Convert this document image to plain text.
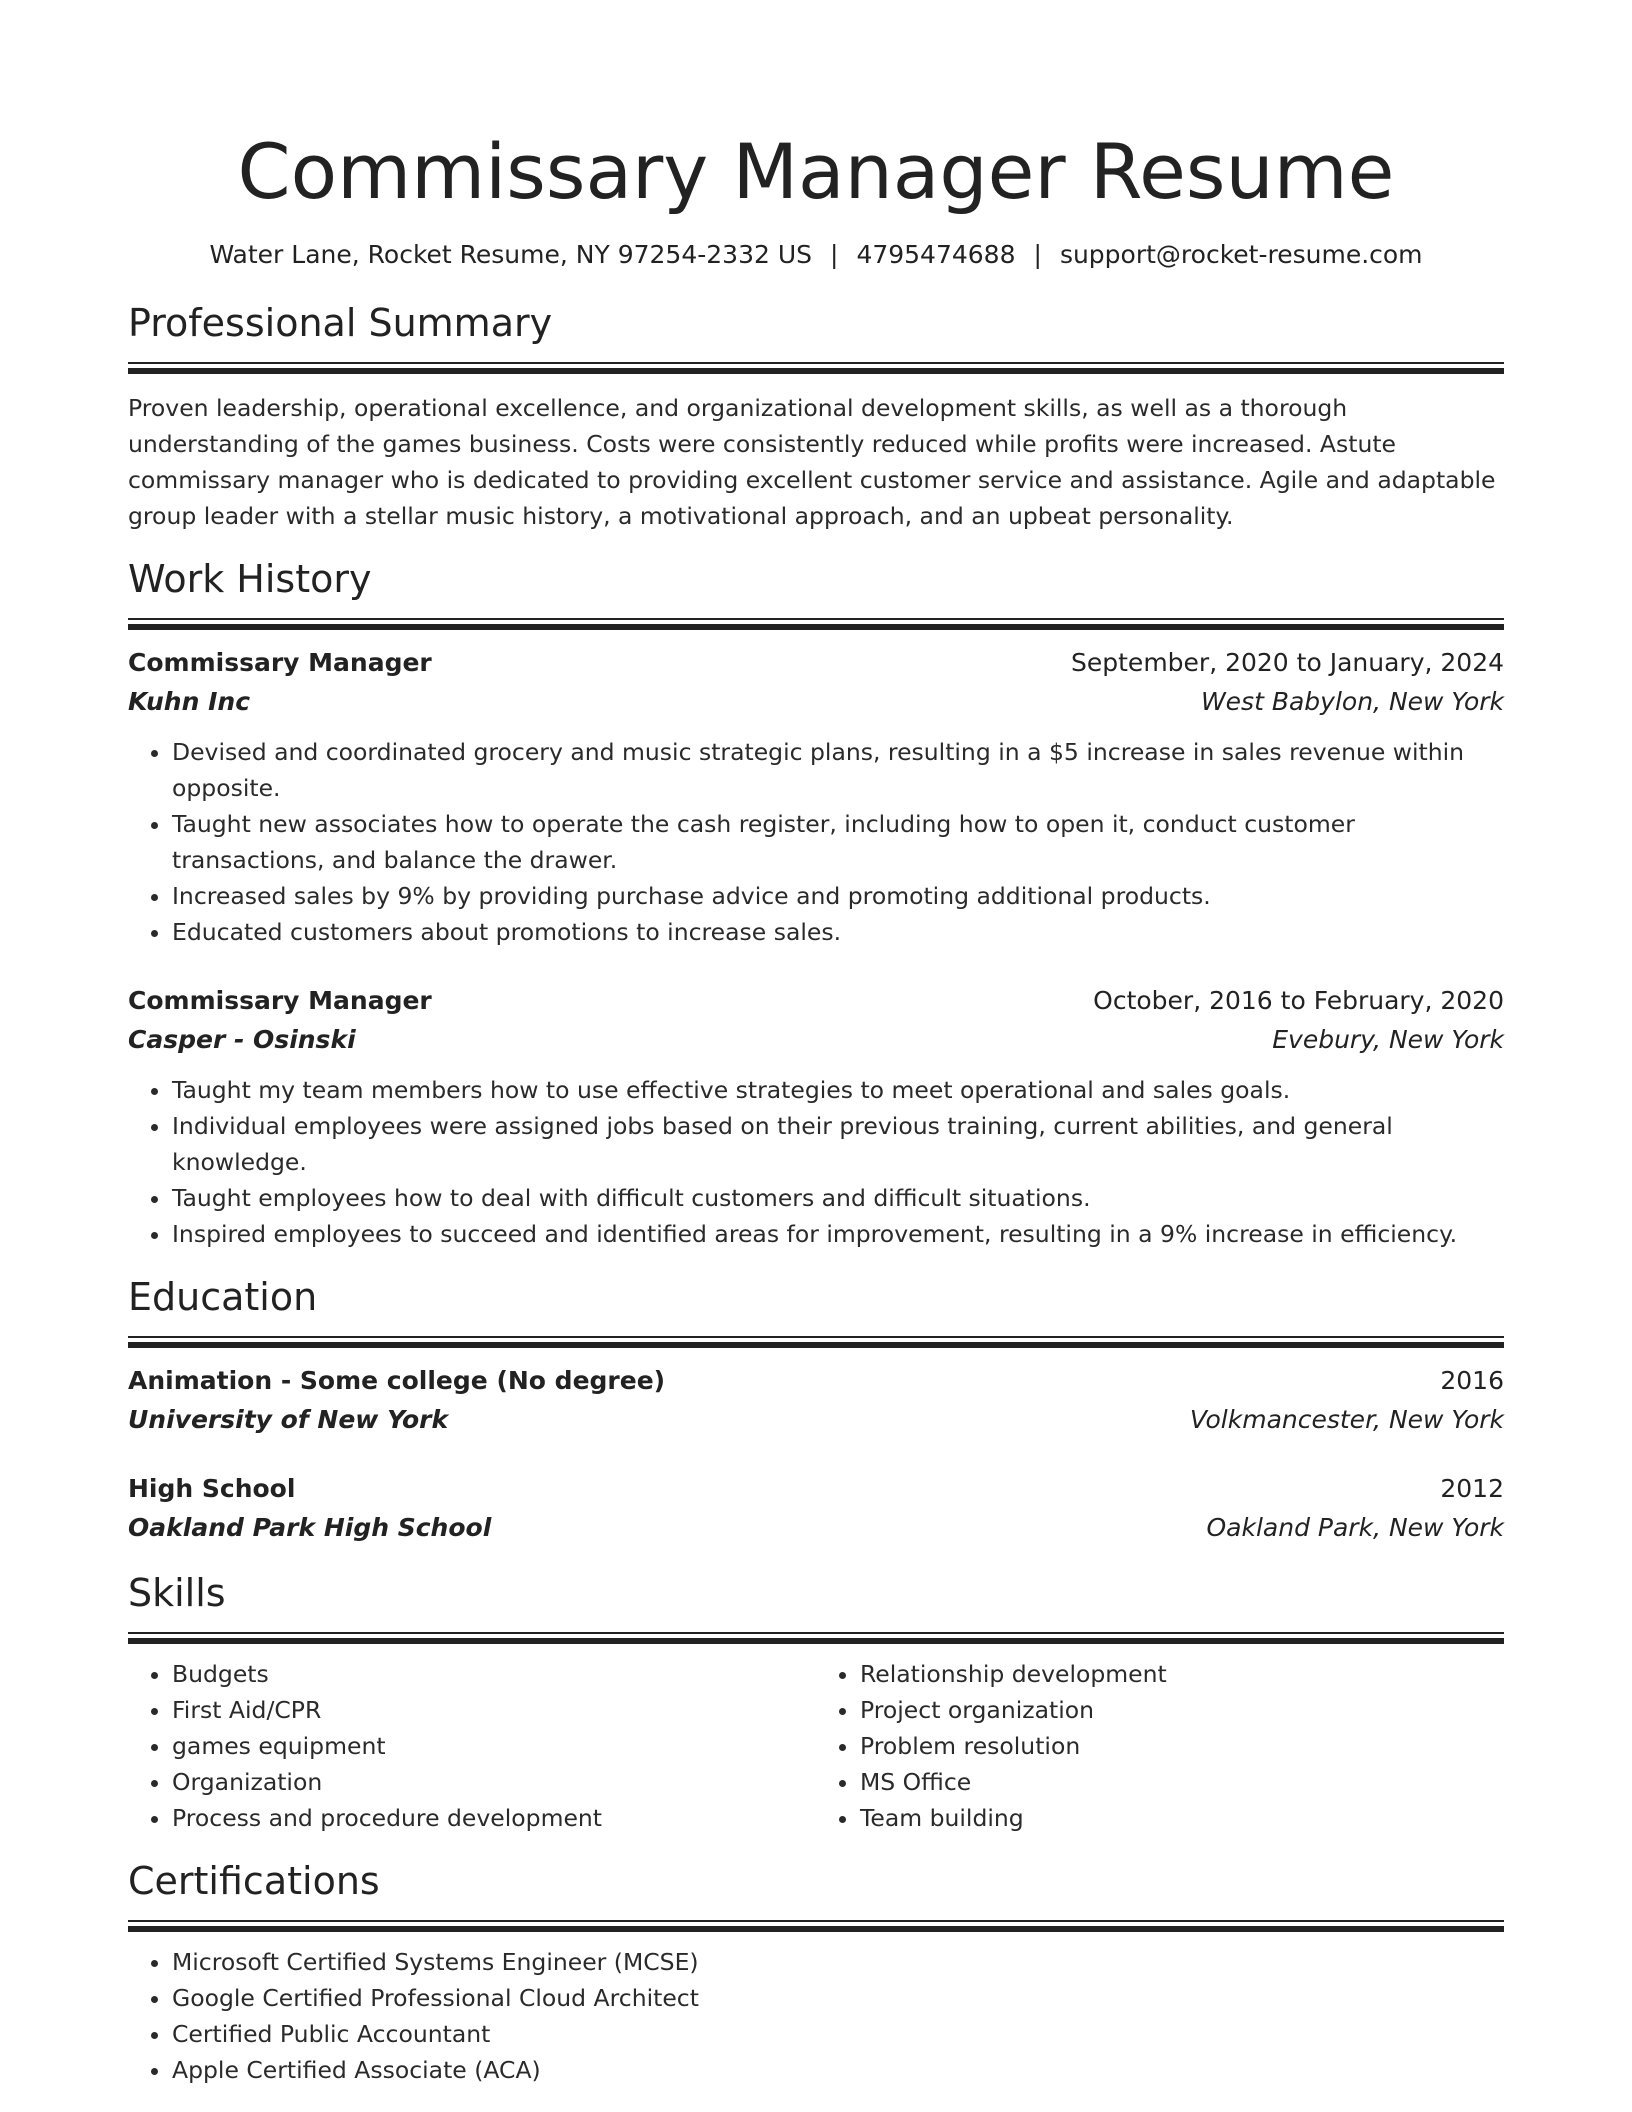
Commissary Manager Resume
Water Lane, Rocket Resume, NY 97254-2332 US | 4795474688 | support@rocket-resume.com
Professional Summary

Proven leadership, operational excellence, and organizational development skills, as well as a thorough understanding of the games business. Costs were consistently reduced while profits were increased. Astute commissary manager who is dedicated to providing excellent customer service and assistance. Agile and adaptable group leader with a stellar music history, a motivational approach, and an upbeat personality.

Work History
Commissary Manager	September, 2020 to January, 2024
Kuhn Inc	West Babylon, New York
• Devised and coordinated grocery and music strategic plans, resulting in a $5 increase in sales revenue within opposite.
• Taught new associates how to operate the cash register, including how to open it, conduct customer transactions, and balance the drawer.
• Increased sales by 9% by providing purchase advice and promoting additional products.
• Educated customers about promotions to increase sales.
Commissary Manager	October, 2016 to February, 2020
Casper - Osinski	Evebury, New York
• Taught my team members how to use effective strategies to meet operational and sales goals.
• Individual employees were assigned jobs based on their previous training, current abilities, and general knowledge.
• Taught employees how to deal with difficult customers and difficult situations.
• Inspired employees to succeed and identified areas for improvement, resulting in a 9% increase in efficiency.
Education
Animation - Some college (No degree)	2016
University of New York	Volkmancester, New York
High School	2012
Oakland Park High School	Oakland Park, New York
Skills
• Budgets
• First Aid/CPR
• games equipment
• Organization
• Process and procedure development
• Relationship development
• Project organization
• Problem resolution
• MS Office
• Team building
Certifications
• Microsoft Certified Systems Engineer (MCSE)
• Google Certified Professional Cloud Architect
• Certified Public Accountant
• Apple Certified Associate (ACA)
